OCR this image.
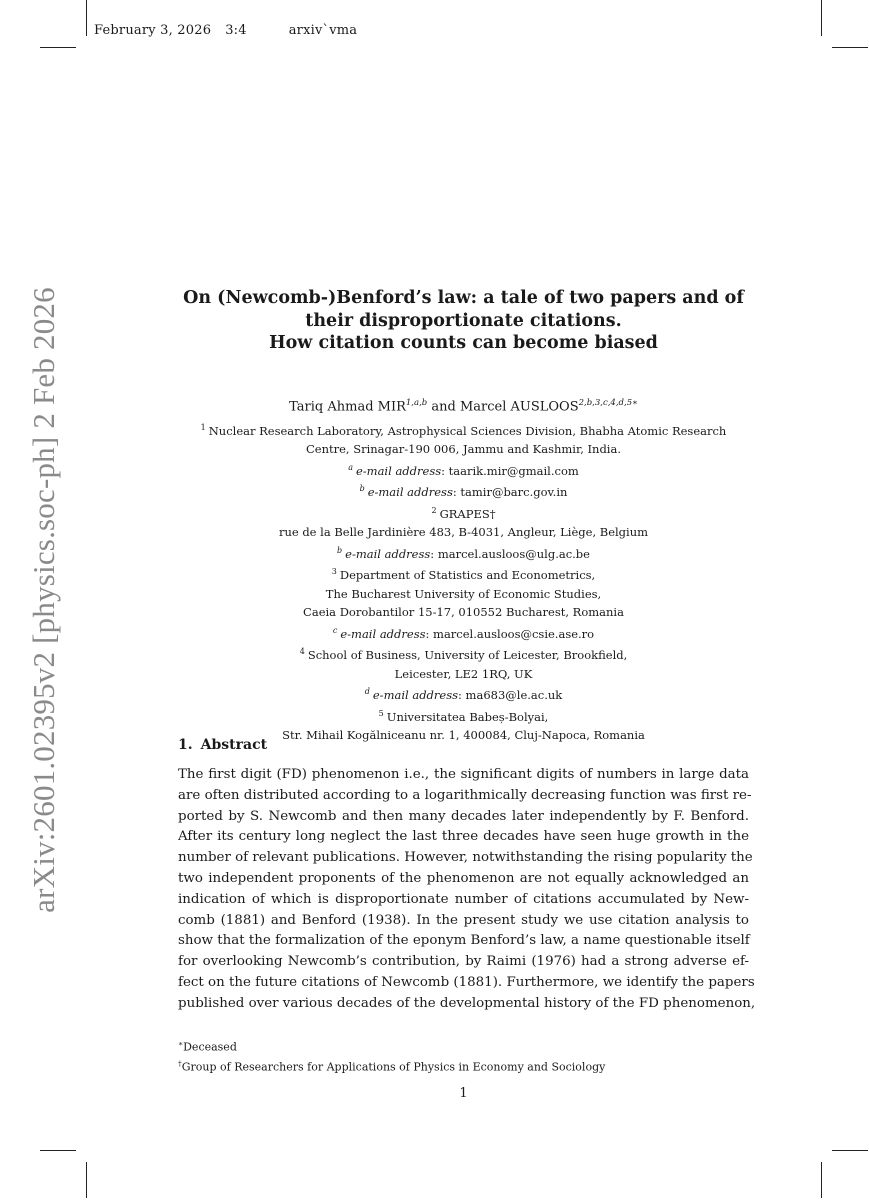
February 3, 2026 3:4	arxiv`vma
arXiv:2601.02395v2 [physics.soc-ph] 2 Feb 2026	On (Newcomb-)Benford’s law: a tale of two papers and of
their disproportionate citations.
How citation counts can become biased
Tariq Ahmad MIR$^{1,a,b}$ and Marcel $AUSLOOS^{2,b,3,c,4,d,5∗}$
$^1$ Nuclear Research Laboratory, Astrophysical Sciences Division, Bhabha Atomic Research
Centre, Srinagar-190 006, Jammu and Kashmir, India.
$^a$ e-mail address: taarik.mir@gmail.com
$^b$ e-mail address: tamir@barc.gov.in
$^2$ GRAPES†
rue de la Belle Jardinière 483, B-4031, Angleur, Liège, Belgium
$^b$ e-mail address: marcel.ausloos@ulg.ac.be
$^3$ Department of Statistics and Econometrics,
The Bucharest University of Economic Studies,
Caeia Dorobantilor 15-17, 010552 Bucharest, Romania
$^c$ e-mail address: marcel.ausloos@csie.ase.ro
$^4$ School of Business, University of Leicester, Brookfield,
Leicester, LE2 1RQ, UK
$^d$ e-mail address: ma683@le.ac.uk
$^5$ Universitatea Babeș-Bolyai,
Str. Mihail Kogălniceanu nr. 1, 400084, Cluj-Napoca, Romania
1. Abstract
The first digit (FD) phenomenon i.e., the significant digits of numbers in large data
are often distributed according to a logarithmically decreasing function was first re-
ported by S. Newcomb and then many decades later independently by F. Benford.
After its century long neglect the last three decades have seen huge growth in the
number of relevant publications. However, notwithstanding the rising popularity the
two independent proponents of the phenomenon are not equally acknowledged an
indication of which is disproportionate number of citations accumulated by New-
comb (1881) and Benford (1938). In the present study we use citation analysis to
show that the formalization of the eponym Benford’s law, a name questionable itself
for overlooking Newcomb’s contribution, by Raimi (1976) had a strong adverse ef-
fect on the future citations of Newcomb (1881). Furthermore, we identify the papers
published over various decades of the developmental history of the FD phenomenon,
∗Deceased
†Group of Researchers for Applications of Physics in Economy and Sociology
1
